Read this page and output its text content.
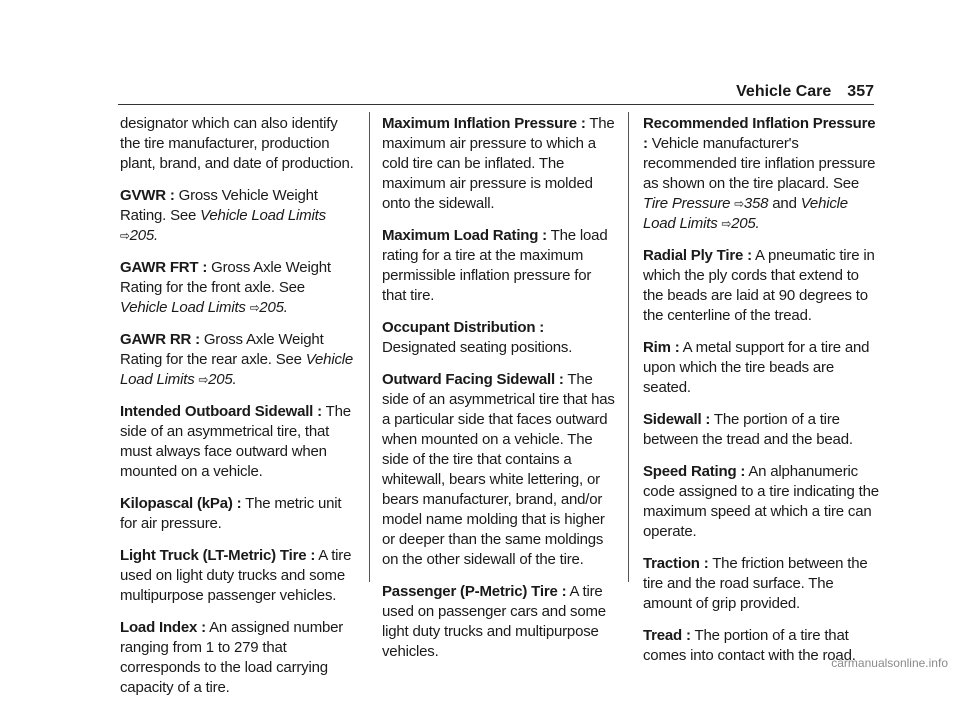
Vehicle Care 357

designator which can also identify the tire manufacturer, production plant, brand, and date of production.

GVWR : Gross Vehicle Weight Rating. See Vehicle Load Limits ⇨205.

GAWR FRT : Gross Axle Weight Rating for the front axle. See Vehicle Load Limits ⇨205.

GAWR RR : Gross Axle Weight Rating for the rear axle. See Vehicle Load Limits ⇨205.

Intended Outboard Sidewall : The side of an asymmetrical tire, that must always face outward when mounted on a vehicle.

Kilopascal (kPa) : The metric unit for air pressure.

Light Truck (LT-Metric) Tire : A tire used on light duty trucks and some multipurpose passenger vehicles.

Load Index : An assigned number ranging from 1 to 279 that corresponds to the load carrying capacity of a tire.

Maximum Inflation Pressure : The maximum air pressure to which a cold tire can be inflated. The maximum air pressure is molded onto the sidewall.

Maximum Load Rating : The load rating for a tire at the maximum permissible inflation pressure for that tire.

Occupant Distribution : Designated seating positions.

Outward Facing Sidewall : The side of an asymmetrical tire that has a particular side that faces outward when mounted on a vehicle. The side of the tire that contains a whitewall, bears white lettering, or bears manufacturer, brand, and/or model name molding that is higher or deeper than the same moldings on the other sidewall of the tire.

Passenger (P-Metric) Tire : A tire used on passenger cars and some light duty trucks and multipurpose vehicles.

Recommended Inflation Pressure : Vehicle manufacturer's recommended tire inflation pressure as shown on the tire placard. See Tire Pressure ⇨358 and Vehicle Load Limits ⇨205.

Radial Ply Tire : A pneumatic tire in which the ply cords that extend to the beads are laid at 90 degrees to the centerline of the tread.

Rim : A metal support for a tire and upon which the tire beads are seated.

Sidewall : The portion of a tire between the tread and the bead.

Speed Rating : An alphanumeric code assigned to a tire indicating the maximum speed at which a tire can operate.

Traction : The friction between the tire and the road surface. The amount of grip provided.

Tread : The portion of a tire that comes into contact with the road.

carmanualsonline.info
